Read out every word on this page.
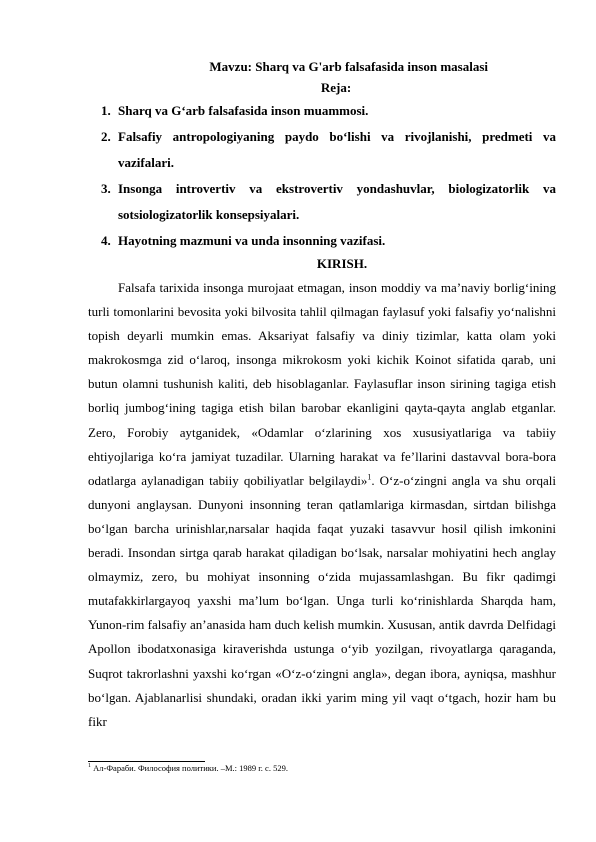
Mavzu: Sharq va G'arb falsafasida inson masalasi

Reja:

1. Sharq va G‘arb falsafasida inson muammosi.
2. Falsafiy antropologiyaning paydo bo‘lishi va rivojlanishi, predmeti va vazifalari.
3. Insonga introvertiv va ekstrovertiv yondashuvlar, biologizatorlik va sotsiologizatorlik konsepsiyalari.
4. Hayotning mazmuni va unda insonning vazifasi.

KIRISH.

Falsafa tarixida insonga murojaat etmagan, inson moddiy va ma’naviy borlig‘ining turli tomonlarini bevosita yoki bilvosita tahlil qilmagan faylasuf yoki falsafiy yo‘nalishni topish deyarli mumkin emas. Aksariyat falsafiy va diniy tizimlar, katta olam yoki makrokosmga zid o‘laroq, insonga mikrokosm yoki kichik Koinot sifatida qarab, uni butun olamni tushunish kaliti, deb hisoblaganlar. Faylasuflar inson sirining tagiga etish borliq jumbog‘ining tagiga etish bilan barobar ekanligini qayta-qayta anglab etganlar. Zero, Forobiy aytganidek, «Odamlar o‘zlarining xos xususiyatlariga va tabiiy ehtiyojlariga ko‘ra jamiyat tuzadilar. Ularning harakat va fe’llarini dastavval bora-bora odatlarga aylanadigan tabiiy qobiliyatlar belgilaydi»$^1$. O‘z-o‘zingni angla va shu orqali dunyoni anglaysan. Dunyoni insonning teran qatlamlariga kirmasdan, sirtdan bilishga bo‘lgan barcha urinishlar,narsalar haqida faqat yuzaki tasavvur hosil qilish imkonini beradi. Insondan sirtga qarab harakat qiladigan bo‘lsak, narsalar mohiyatini hech anglay olmaymiz, zero, bu mohiyat insonning o‘zida mujassamlashgan. Bu fikr qadimgi mutafakkirlargayoq yaxshi ma’lum bo‘lgan. Unga turli ko‘rinishlarda Sharqda ham, Yunon-rim falsafiy an’anasida ham duch kelish mumkin. Xususan, antik davrda Delfidagi Apollon ibodatxonasiga kiraverishda ustunga o‘yib yozilgan, rivoyatlarga qaraganda, Suqrot takrorlashni yaxshi ko‘rgan «O‘z-o‘zingni angla», degan ibora, ayniqsa, mashhur bo‘lgan. Ajablanarlisi shundaki, oradan ikki yarim ming yil vaqt o‘tgach, hozir ham bu fikr

$^1$ Ал-Фараби. Философия политики. –М.: 1989 г. с. 529.
